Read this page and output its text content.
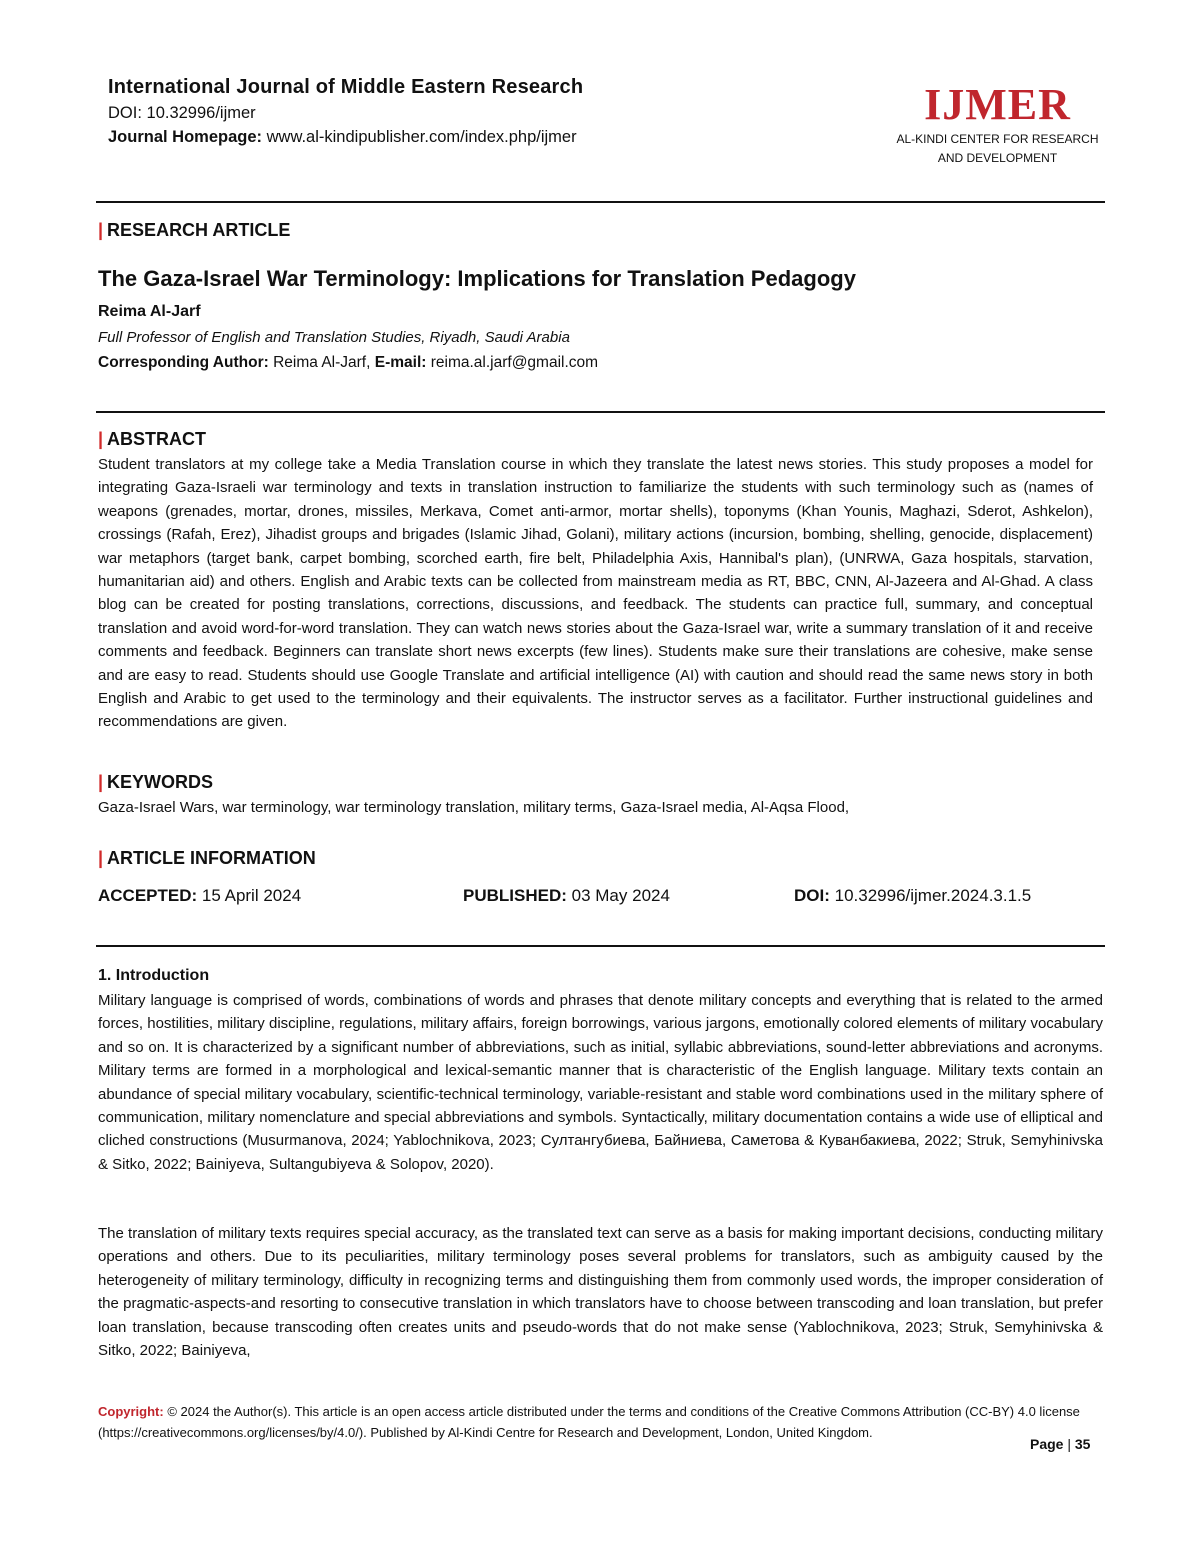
International Journal of Middle Eastern Research
DOI: 10.32996/ijmer
Journal Homepage: www.al-kindipublisher.com/index.php/ijmer
IJMER
AL-KINDI CENTER FOR RESEARCH
AND DEVELOPMENT
| RESEARCH ARTICLE
The Gaza-Israel War Terminology: Implications for Translation Pedagogy
Reima Al-Jarf
Full Professor of English and Translation Studies, Riyadh, Saudi Arabia
Corresponding Author: Reima Al-Jarf, E-mail: reima.al.jarf@gmail.com
| ABSTRACT
Student translators at my college take a Media Translation course in which they translate the latest news stories. This study proposes a model for integrating Gaza-Israeli war terminology and texts in translation instruction to familiarize the students with such terminology such as (names of weapons (grenades, mortar, drones, missiles, Merkava, Comet anti-armor, mortar shells), toponyms (Khan Younis, Maghazi, Sderot, Ashkelon), crossings (Rafah, Erez), Jihadist groups and brigades (Islamic Jihad, Golani), military actions (incursion, bombing, shelling, genocide, displacement) war metaphors (target bank, carpet bombing, scorched earth, fire belt, Philadelphia Axis, Hannibal's plan), (UNRWA, Gaza hospitals, starvation, humanitarian aid) and others. English and Arabic texts can be collected from mainstream media as RT, BBC, CNN, Al-Jazeera and Al-Ghad. A class blog can be created for posting translations, corrections, discussions, and feedback. The students can practice full, summary, and conceptual translation and avoid word-for-word translation. They can watch news stories about the Gaza-Israel war, write a summary translation of it and receive comments and feedback. Beginners can translate short news excerpts (few lines). Students make sure their translations are cohesive, make sense and are easy to read. Students should use Google Translate and artificial intelligence (AI) with caution and should read the same news story in both English and Arabic to get used to the terminology and their equivalents. The instructor serves as a facilitator. Further instructional guidelines and recommendations are given.
| KEYWORDS
Gaza-Israel Wars, war terminology, war terminology translation, military terms, Gaza-Israel media, Al-Aqsa Flood,
| ARTICLE INFORMATION
ACCEPTED: 15 April 2024	PUBLISHED: 03 May 2024	DOI: 10.32996/ijmer.2024.3.1.5
1. Introduction
Military language is comprised of words, combinations of words and phrases that denote military concepts and everything that is related to the armed forces, hostilities, military discipline, regulations, military affairs, foreign borrowings, various jargons, emotionally colored elements of military vocabulary and so on. It is characterized by a significant number of abbreviations, such as initial, syllabic abbreviations, sound-letter abbreviations and acronyms. Military terms are formed in a morphological and lexical-semantic manner that is characteristic of the English language. Military texts contain an abundance of special military vocabulary, scientific-technical terminology, variable-resistant and stable word combinations used in the military sphere of communication, military nomenclature and special abbreviations and symbols. Syntactically, military documentation contains a wide use of elliptical and cliched constructions (Musurmanova, 2024; Yablochnikova, 2023; Султангубиева, Байниева, Саметова & Куванбакиева, 2022; Struk, Semyhinivska & Sitko, 2022; Bainiyeva, Sultangubiyeva & Solopov, 2020).
The translation of military texts requires special accuracy, as the translated text can serve as a basis for making important decisions, conducting military operations and others. Due to its peculiarities, military terminology poses several problems for translators, such as ambiguity caused by the heterogeneity of military terminology, difficulty in recognizing terms and distinguishing them from commonly used words, the improper consideration of the pragmatic-aspects-and resorting to consecutive translation in which translators have to choose between transcoding and loan translation, but prefer loan translation, because transcoding often creates units and pseudo-words that do not make sense (Yablochnikova, 2023; Struk, Semyhinivska & Sitko, 2022; Bainiyeva,
Copyright: © 2024 the Author(s). This article is an open access article distributed under the terms and conditions of the Creative Commons Attribution (CC-BY) 4.0 license (https://creativecommons.org/licenses/by/4.0/). Published by Al-Kindi Centre for Research and Development, London, United Kingdom.
Page | 35
